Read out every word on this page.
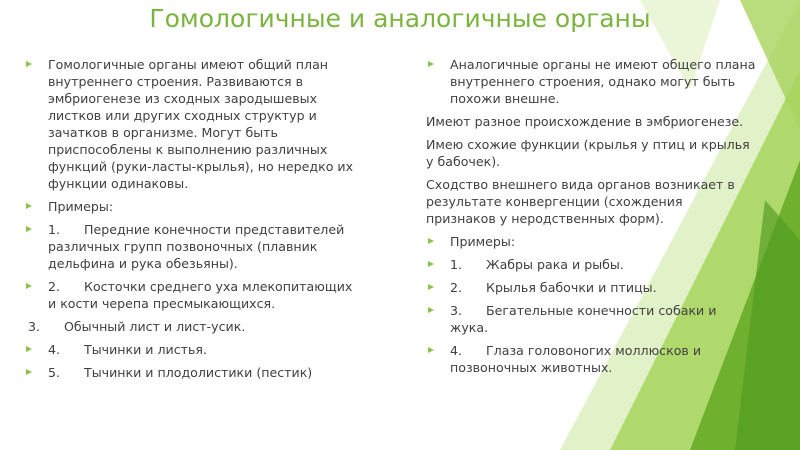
Гомологичные и аналогичные органы
Гомологичные органы имеют общий план внутреннего строения. Развиваются в эмбриогенезе из сходных зародышевых листков или других сходных структур и зачатков в организме. Могут быть приспособлены к выполнению различных функций (руки-ласты-крылья), но нередко их функции одинаковы.
Примеры:
1. Передние конечности представителей различных групп позвоночных (плавник дельфина и рука обезьяны).
2. Косточки среднего уха млекопитающих и кости черепа пресмыкающихся.
3. Обычный лист и лист-усик.
4. Тычинки и листья.
5. Тычинки и плодолистики (пестик)
Аналогичные органы не имеют общего плана внутреннего строения, однако могут быть похожи внешне.
Имеют разное происхождение в эмбриогенезе.
Имею схожие функции (крылья у птиц и крылья у бабочек).
Сходство внешнего вида органов возникает в результате конвергенции (схождения признаков у неродственных форм).
Примеры:
1. Жабры рака и рыбы.
2. Крылья бабочки и птицы.
3. Бегательные конечности собаки и жука.
4. Глаза головоногих моллюсков и позвоночных животных.
